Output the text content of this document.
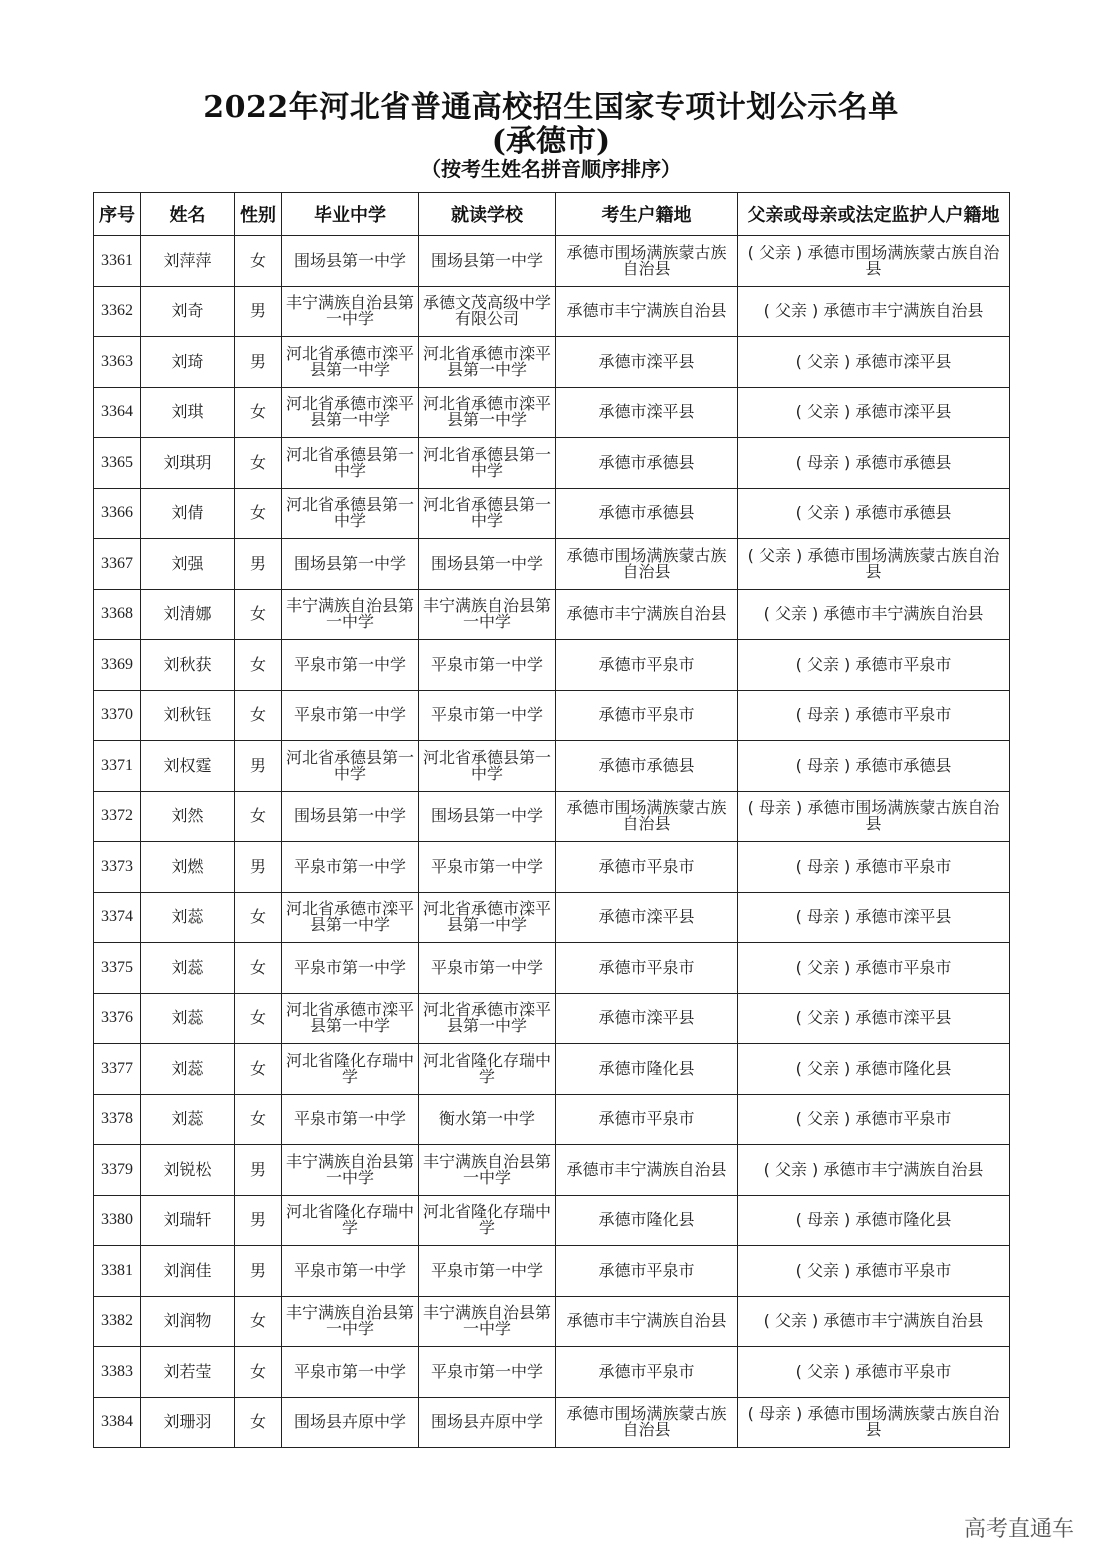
2022年河北省普通高校招生国家专项计划公示名单
(承德市)
（按考生姓名拼音顺序排序）
序号	姓名	性别	毕业中学	就读学校	考生户籍地	父亲或母亲或法定监护人户籍地
3361	刘萍萍	女	围场县第一中学	围场县第一中学	承德市围场满族蒙古族自治县	( 父亲 ) 承德市围场满族蒙古族自治县
3362	刘奇	男	丰宁满族自治县第一中学	承德文茂高级中学有限公司	承德市丰宁满族自治县	( 父亲 ) 承德市丰宁满族自治县
3363	刘琦	男	河北省承德市滦平县第一中学	河北省承德市滦平县第一中学	承德市滦平县	( 父亲 ) 承德市滦平县
3364	刘琪	女	河北省承德市滦平县第一中学	河北省承德市滦平县第一中学	承德市滦平县	( 父亲 ) 承德市滦平县
3365	刘琪玥	女	河北省承德县第一中学	河北省承德县第一中学	承德市承德县	( 母亲 ) 承德市承德县
3366	刘倩	女	河北省承德县第一中学	河北省承德县第一中学	承德市承德县	( 父亲 ) 承德市承德县
3367	刘强	男	围场县第一中学	围场县第一中学	承德市围场满族蒙古族自治县	( 父亲 ) 承德市围场满族蒙古族自治县
3368	刘清娜	女	丰宁满族自治县第一中学	丰宁满族自治县第一中学	承德市丰宁满族自治县	( 父亲 ) 承德市丰宁满族自治县
3369	刘秋获	女	平泉市第一中学	平泉市第一中学	承德市平泉市	( 父亲 ) 承德市平泉市
3370	刘秋钰	女	平泉市第一中学	平泉市第一中学	承德市平泉市	( 母亲 ) 承德市平泉市
3371	刘权霆	男	河北省承德县第一中学	河北省承德县第一中学	承德市承德县	( 母亲 ) 承德市承德县
3372	刘然	女	围场县第一中学	围场县第一中学	承德市围场满族蒙古族自治县	( 母亲 ) 承德市围场满族蒙古族自治县
3373	刘燃	男	平泉市第一中学	平泉市第一中学	承德市平泉市	( 母亲 ) 承德市平泉市
3374	刘蕊	女	河北省承德市滦平县第一中学	河北省承德市滦平县第一中学	承德市滦平县	( 母亲 ) 承德市滦平县
3375	刘蕊	女	平泉市第一中学	平泉市第一中学	承德市平泉市	( 父亲 ) 承德市平泉市
3376	刘蕊	女	河北省承德市滦平县第一中学	河北省承德市滦平县第一中学	承德市滦平县	( 父亲 ) 承德市滦平县
3377	刘蕊	女	河北省隆化存瑞中学	河北省隆化存瑞中学	承德市隆化县	( 父亲 ) 承德市隆化县
3378	刘蕊	女	平泉市第一中学	衡水第一中学	承德市平泉市	( 父亲 ) 承德市平泉市
3379	刘锐松	男	丰宁满族自治县第一中学	丰宁满族自治县第一中学	承德市丰宁满族自治县	( 父亲 ) 承德市丰宁满族自治县
3380	刘瑞轩	男	河北省隆化存瑞中学	河北省隆化存瑞中学	承德市隆化县	( 母亲 ) 承德市隆化县
3381	刘润佳	男	平泉市第一中学	平泉市第一中学	承德市平泉市	( 父亲 ) 承德市平泉市
3382	刘润物	女	丰宁满族自治县第一中学	丰宁满族自治县第一中学	承德市丰宁满族自治县	( 父亲 ) 承德市丰宁满族自治县
3383	刘若莹	女	平泉市第一中学	平泉市第一中学	承德市平泉市	( 父亲 ) 承德市平泉市
3384	刘珊羽	女	围场县卉原中学	围场县卉原中学	承德市围场满族蒙古族自治县	( 母亲 ) 承德市围场满族蒙古族自治县
高考直通车
